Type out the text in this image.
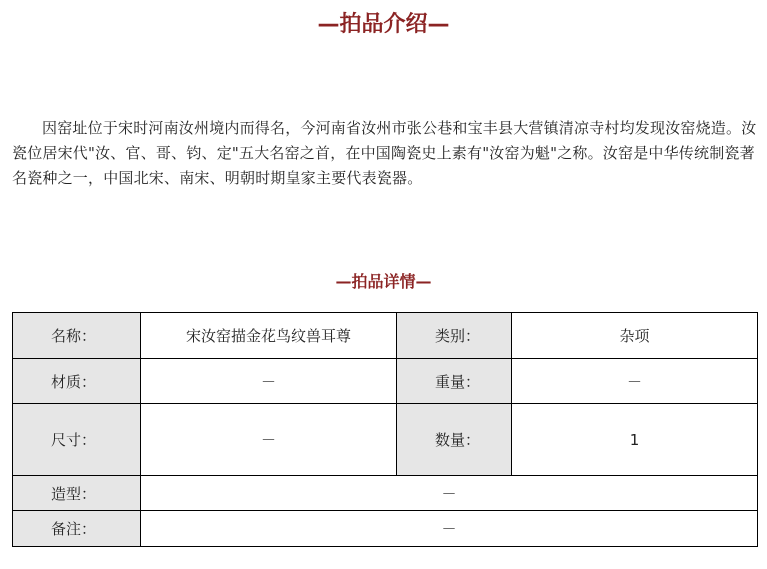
—拍品介绍—

因窑址位于宋时河南汝州境内而得名，今河南省汝州市张公巷和宝丰县大营镇清凉寺村均发现汝窑烧造。汝瓷位居宋代"汝、官、哥、钧、定"五大名窑之首，在中国陶瓷史上素有"汝窑为魁"之称。汝窑是中华传统制瓷著名瓷种之一，中国北宋、南宋、明朝时期皇家主要代表瓷器。

—拍品详情—
名称：	宋汝窑描金花鸟纹兽耳尊	类别：	杂项
材质：	－	重量：	－
尺寸：	－	数量：	1
造型：	－		
备注：	－		
